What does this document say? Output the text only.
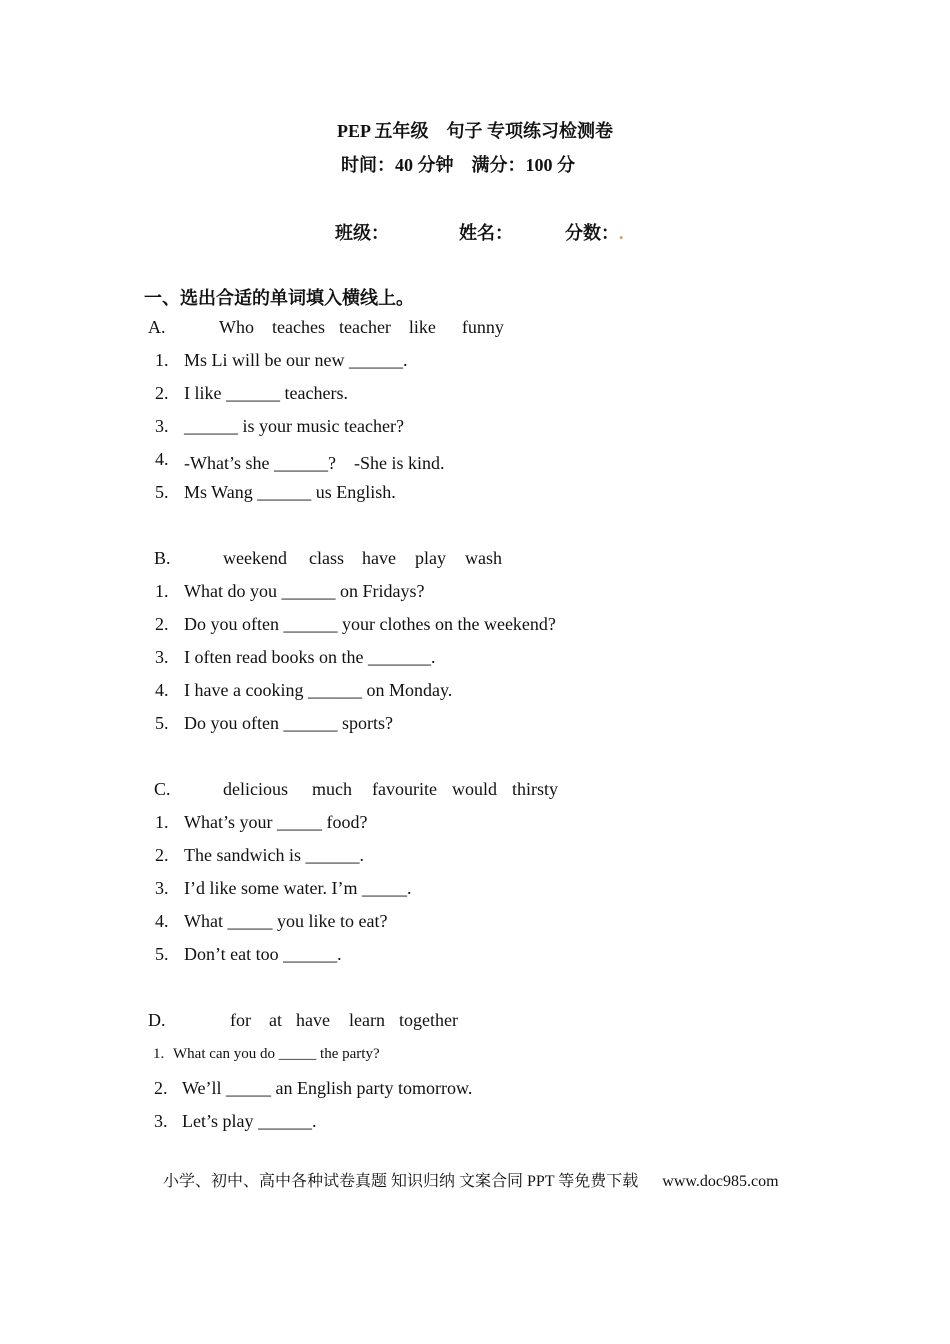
PEP 五年级　句子 专项练习检测卷
时间：40 分钟　满分：100 分
班级：	姓名：	分数：.
一、选出合适的单词填入横线上。
A.	Who teaches teacher like funny
1. Ms Li will be our new ______.
2. I like ______ teachers.
3. ______ is your music teacher?
4. -What’s she ______?　-She is kind.
5. Ms Wang ______ us English.
B.	weekend class have play wash
1. What do you ______ on Fridays?
2. Do you often ______ your clothes on the weekend?
3. I often read books on the _______.
4. I have a cooking ______ on Monday.
5. Do you often ______ sports?
C.	delicious much favourite would thirsty
1. What’s your _____ food?
2. The sandwich is ______.
3. I’d like some water. I’m _____.
4. What _____ you like to eat?
5. Don’t eat too ______.
D.	for at have learn together
1. What can you do _____ the party?
2. We’ll _____ an English party tomorrow.
3. Let’s play ______.
小学、初中、高中各种试卷真题 知识归纳 文案合同 PPT 等免费下载 www.doc985.com
